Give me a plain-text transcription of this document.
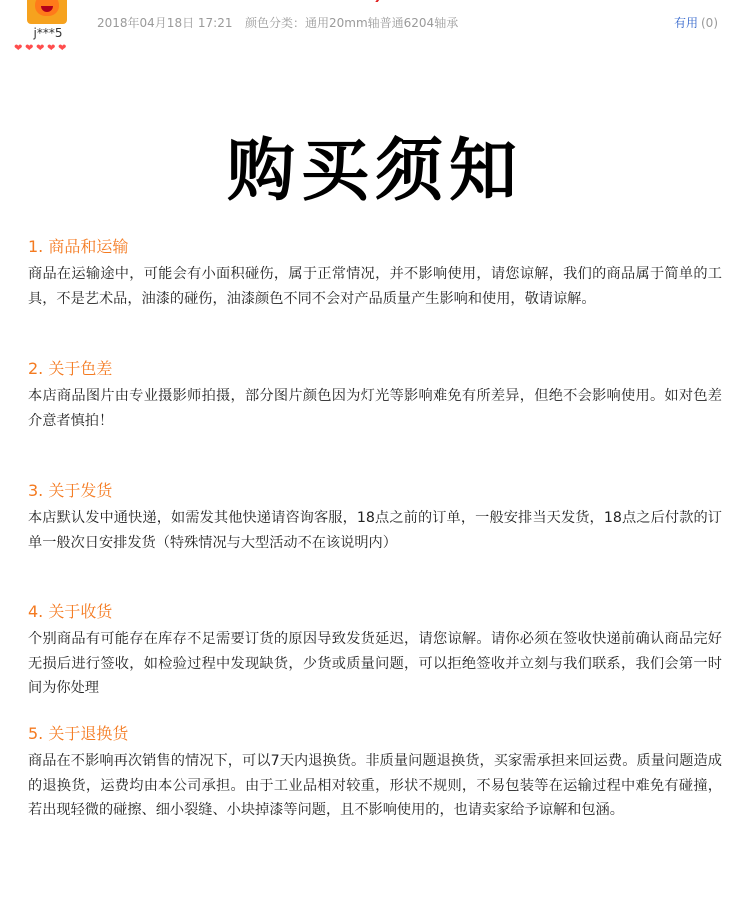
j***5
❤ ❤ ❤ ❤ ❤
2018年04月18日 17:21 颜色分类：通用20mm轴普通6204轴承	有用 (0)
购买须知

1. 商品和运输

商品在运输途中，可能会有小面积碰伤，属于正常情况，并不影响使用，请您谅解，我们的商品属于简单的工具，不是艺术品，油漆的碰伤，油漆颜色不同不会对产品质量产生影响和使用，敬请谅解。

2. 关于色差

本店商品图片由专业摄影师拍摄，部分图片颜色因为灯光等影响难免有所差异，但绝不会影响使用。如对色差介意者慎拍！

3. 关于发货

本店默认发中通快递，如需发其他快递请咨询客服，18点之前的订单，一般安排当天发货，18点之后付款的订单一般次日安排发货（特殊情况与大型活动不在该说明内）

4. 关于收货

个别商品有可能存在库存不足需要订货的原因导致发货延迟，请您谅解。请你必须在签收快递前确认商品完好无损后进行签收，如检验过程中发现缺货，少货或质量问题，可以拒绝签收并立刻与我们联系，我们会第一时间为你处理

5. 关于退换货

商品在不影响再次销售的情况下，可以7天内退换货。非质量问题退换货，买家需承担来回运费。质量问题造成的退换货，运费均由本公司承担。由于工业品相对较重，形状不规则，不易包装等在运输过程中难免有碰撞，若出现轻微的碰擦、细小裂缝、小块掉漆等问题，且不影响使用的，也请卖家给予谅解和包涵。
